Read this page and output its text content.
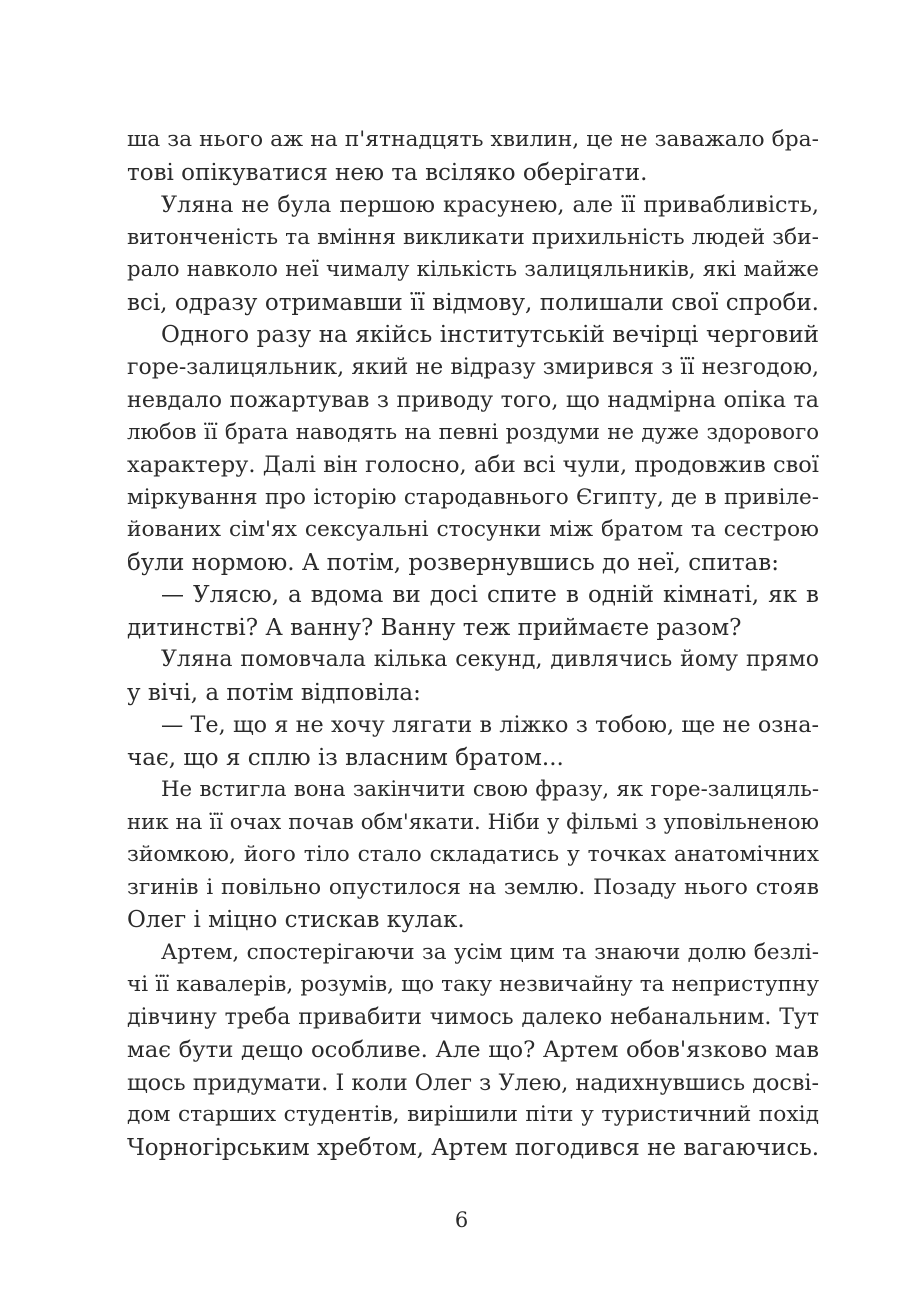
ша за нього аж на п'ятнадцять хвилин, це не заважало бра-
тові опікуватися нею та всіляко оберігати.
Уляна не була першою красунею, але її привабливість,
витонченість та вміння викликати прихильність людей зби-
рало навколо неї чималу кількість залицяльників, які майже
всі, одразу отримавши її відмову, полишали свої спроби.
Одного разу на якійсь інститутській вечірці черговий
горе-залицяльник, який не відразу змирився з її незгодою,
невдало пожартував з приводу того, що надмірна опіка та
любов її брата наводять на певні роздуми не дуже здорового
характеру. Далі він голосно, аби всі чули, продовжив свої
міркування про історію стародавнього Єгипту, де в привіле-
йованих сім'ях сексуальні стосунки між братом та сестрою
були нормою. А потім, розвернувшись до неї, спитав:
— Улясю, а вдома ви досі спите в одній кімнаті, як в
дитинстві? А ванну? Ванну теж приймаєте разом?
Уляна помовчала кілька секунд, дивлячись йому прямо
у вічі, а потім відповіла:
— Те, що я не хочу лягати в ліжко з тобою, ще не озна-
чає, що я сплю із власним братом...
Не встигла вона закінчити свою фразу, як горе-залицяль-
ник на її очах почав обм'якати. Ніби у фільмі з уповільненою
зйомкою, його тіло стало складатись у точках анатомічних
згинів і повільно опустилося на землю. Позаду нього стояв
Олег і міцно стискав кулак.
Артем, спостерігаючи за усім цим та знаючи долю безлі-
чі її кавалерів, розумів, що таку незвичайну та неприступну
дівчину треба привабити чимось далеко небанальним. Тут
має бути дещо особливе. Але що? Артем обов'язково мав
щось придумати. І коли Олег з Улею, надихнувшись досві-
дом старших студентів, вирішили піти у туристичний похід
Чорногірським хребтом, Артем погодився не вагаючись.
6
